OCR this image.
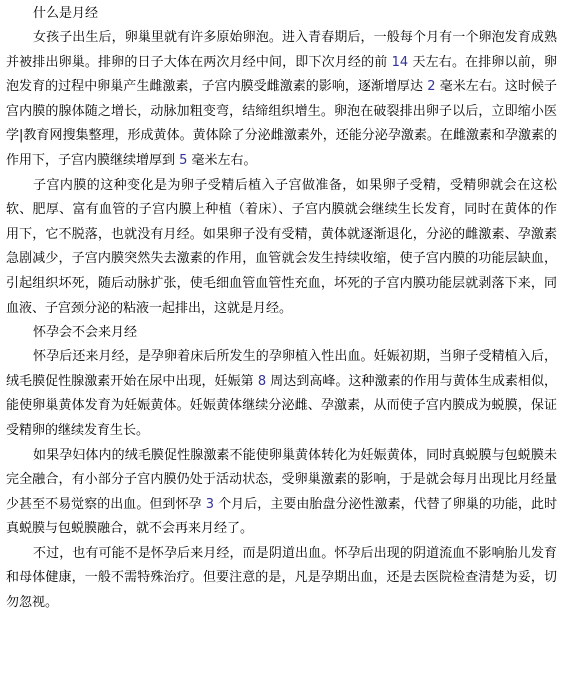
什么是月经

女孩子出生后，卵巢里就有许多原始卵泡。进入青春期后，一般每个月有一个卵泡发育成熟并被排出卵巢。排卵的日子大体在两次月经中间，即下次月经的前 14 天左右。在排卵以前，卵泡发育的过程中卵巢产生雌激素，子宫内膜受雌激素的影响，逐渐增厚达 2 毫米左右。这时候子宫内膜的腺体随之增长，动脉加粗变弯，结缔组织增生。卵泡在破裂排出卵子以后，立即缩小医学|教育网搜集整理，形成黄体。黄体除了分泌雌激素外，还能分泌孕激素。在雌激素和孕激素的作用下，子宫内膜继续增厚到 5 毫米左右。

子宫内膜的这种变化是为卵子受精后植入子宫做准备，如果卵子受精，受精卵就会在这松软、肥厚、富有血管的子宫内膜上种植（着床）、子宫内膜就会继续生长发育，同时在黄体的作用下，它不脱落，也就没有月经。如果卵子没有受精，黄体就逐渐退化，分泌的雌激素、孕激素急剧减少，子宫内膜突然失去激素的作用，血管就会发生持续收缩，使子宫内膜的功能层缺血，引起组织坏死，随后动脉扩张，使毛细血管血管性充血，坏死的子宫内膜功能层就剥落下来，同血液、子宫颈分泌的粘液一起排出，这就是月经。

怀孕会不会来月经

怀孕后还来月经，是孕卵着床后所发生的孕卵植入性出血。妊娠初期，当卵子受精植入后，绒毛膜促性腺激素开始在尿中出现，妊娠第 8 周达到高峰。这种激素的作用与黄体生成素相似，能使卵巢黄体发育为妊娠黄体。妊娠黄体继续分泌雌、孕激素，从而使子宫内膜成为蜕膜，保证受精卵的继续发育生长。

如果孕妇体内的绒毛膜促性腺激素不能使卵巢黄体转化为妊娠黄体，同时真蜕膜与包蜕膜未完全融合，有小部分子宫内膜仍处于活动状态，受卵巢激素的影响，于是就会每月出现比月经量少甚至不易觉察的出血。但到怀孕 3 个月后，主要由胎盘分泌性激素，代替了卵巢的功能，此时真蜕膜与包蜕膜融合，就不会再来月经了。

不过，也有可能不是怀孕后来月经，而是阴道出血。怀孕后出现的阴道流血不影响胎儿发育和母体健康，一般不需特殊治疗。但要注意的是，凡是孕期出血，还是去医院检查清楚为妥，切勿忽视。
